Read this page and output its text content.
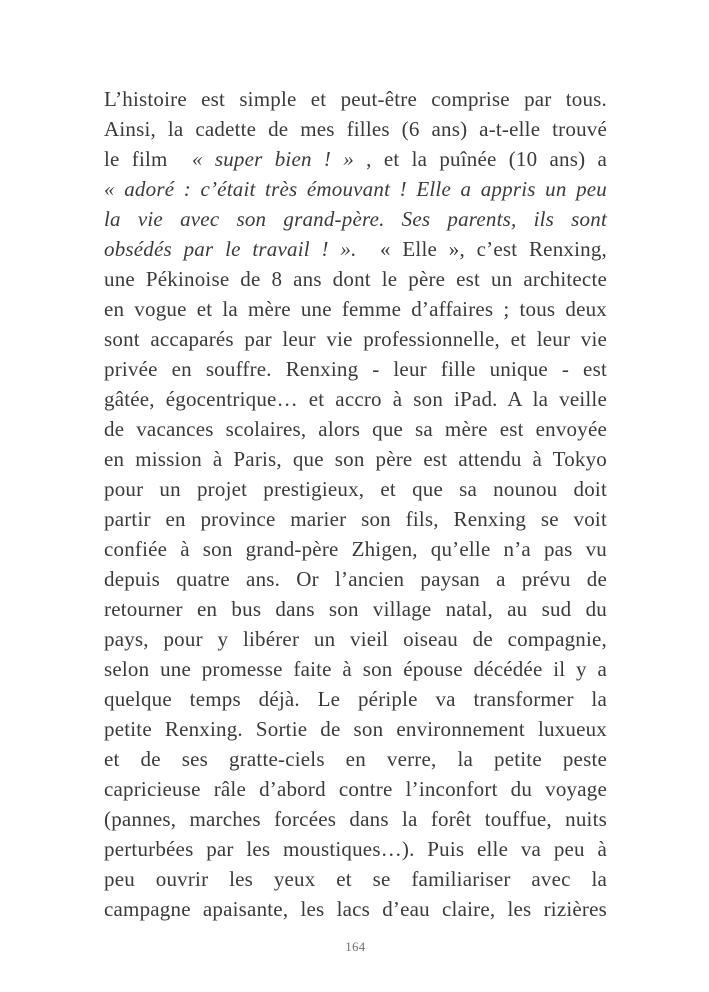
L’histoire est simple et peut-être comprise par tous.
Ainsi, la cadette de mes filles (6 ans) a-t-elle trouvé
le film  « super bien ! » , et la puînée (10 ans) a
« adoré : c’était très émouvant ! Elle a appris un peu
la vie avec son grand-père. Ses parents, ils sont
obsédés par le travail ! ».  « Elle », c’est Renxing,
une Pékinoise de 8 ans dont le père est un architecte
en vogue et la mère une femme d’affaires ; tous deux
sont accaparés par leur vie professionnelle, et leur vie
privée en souffre. Renxing - leur fille unique - est
gâtée, égocentrique… et accro à son iPad. A la veille
de vacances scolaires, alors que sa mère est envoyée
en mission à Paris, que son père est attendu à Tokyo
pour un projet prestigieux, et que sa nounou doit
partir en province marier son fils, Renxing se voit
confiée à son grand-père Zhigen, qu’elle n’a pas vu
depuis quatre ans. Or l’ancien paysan a prévu de
retourner en bus dans son village natal, au sud du
pays, pour y libérer un vieil oiseau de compagnie,
selon une promesse faite à son épouse décédée il y a
quelque temps déjà. Le périple va transformer la
petite Renxing. Sortie de son environnement luxueux
et de ses gratte-ciels en verre, la petite peste
capricieuse râle d’abord contre l’inconfort du voyage
(pannes, marches forcées dans la forêt touffue, nuits
perturbées par les moustiques…). Puis elle va peu à
peu ouvrir les yeux et se familiariser avec la
campagne apaisante, les lacs d’eau claire, les rizières
164
